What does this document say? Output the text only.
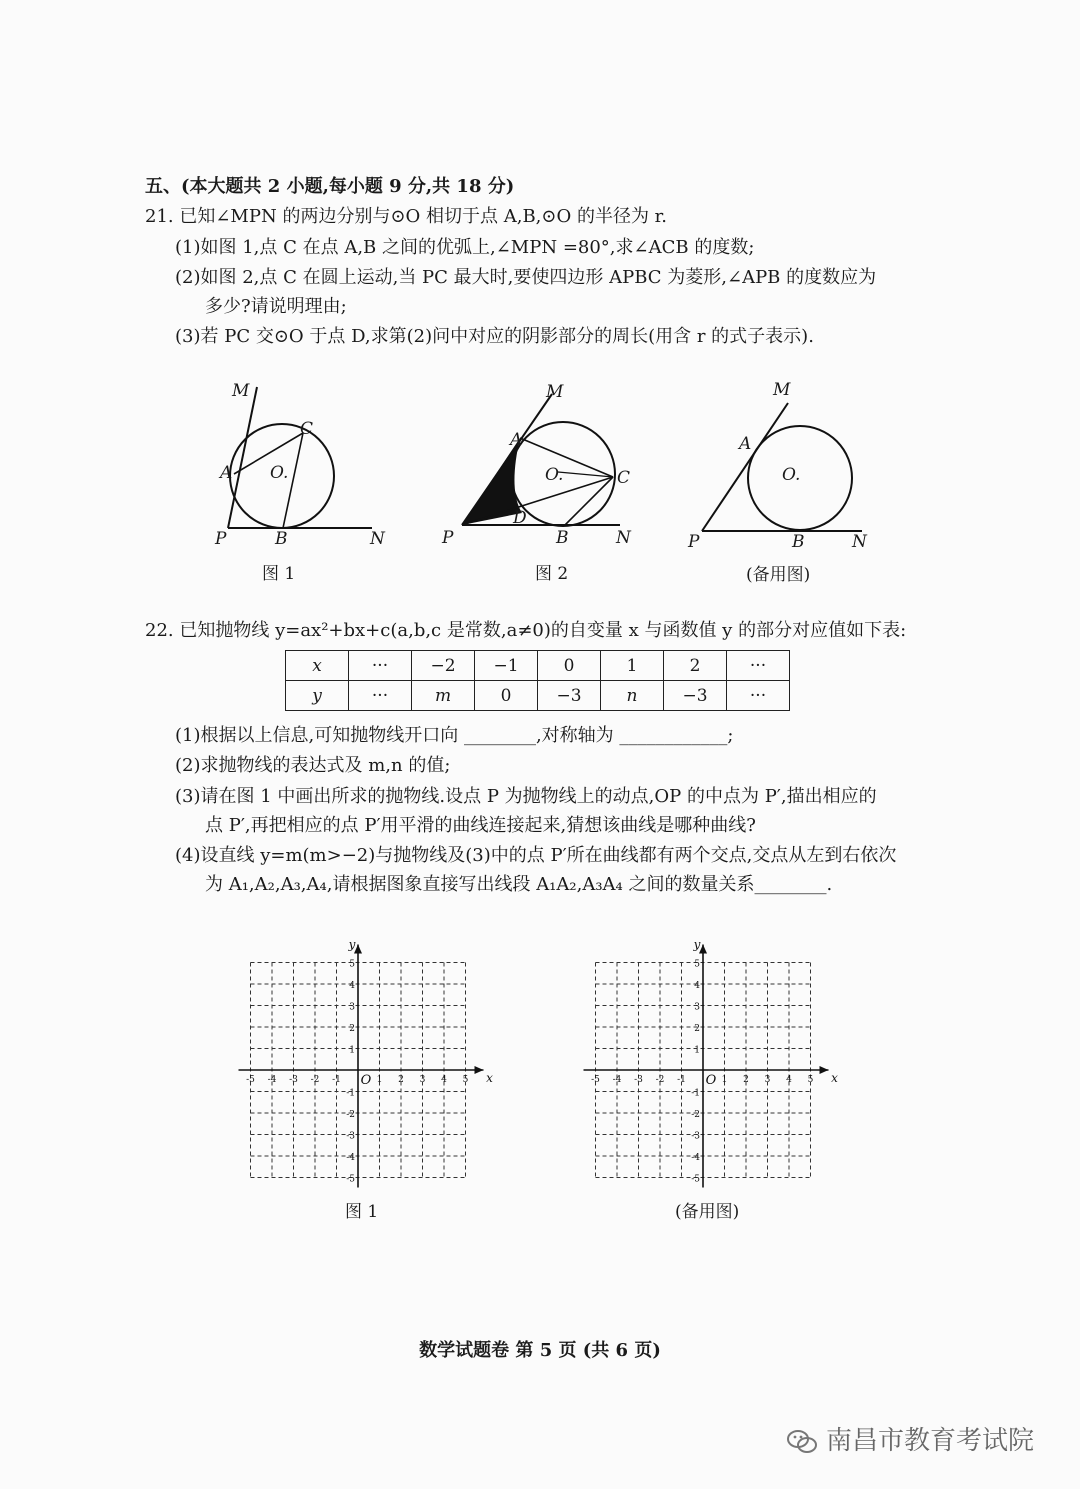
五、(本大题共 2 小题,每小题 9 分,共 18 分)
21. 已知∠MPN 的两边分别与⊙O 相切于点 A,B,⊙O 的半径为 r.
(1)如图 1,点 C 在点 A,B 之间的优弧上,∠MPN =80°,求∠ACB 的度数;
(2)如图 2,点 C 在圆上运动,当 PC 最大时,要使四边形 APBC 为菱形,∠APB 的度数应为
多少?请说明理由;
(3)若 PC 交⊙O 于点 D,求第(2)问中对应的阴影部分的周长(用含 r 的式子表示).
M
C
A O.
P	B	N
图 1
M
A
O.	C
D
P	B	N
图 2
M
A
O.
P	B	N
(备用图)
22. 已知抛物线 y=ax²+bx+c(a,b,c 是常数,a≠0)的自变量 x 与函数值 y 的部分对应值如下表:
x	···	−2	−1	0	1	2	···
y	···	m	0	−3	n	−3	···
(1)根据以上信息,可知抛物线开口向 ________,对称轴为 ____________;
(2)求抛物线的表达式及 m,n 的值;
(3)请在图 1 中画出所求的抛物线.设点 P 为抛物线上的动点,OP 的中点为 P′,描出相应的
点 P′,再把相应的点 P′用平滑的曲线连接起来,猜想该曲线是哪种曲线?
(4)设直线 y=m(m>−2)与抛物线及(3)中的点 P′所在曲线都有两个交点,交点从左到右依次
为 A₁,A₂,A₃,A₄,请根据图象直接写出线段 A₁A₂,A₃A₄ 之间的数量关系________.
-5 -4 -3 -2 -1	1 2 3 4 5
5
4
3
2
1
-1
-2
-3
-4
-5
x
y
O
图 1
-5 -4 -3 -2 -1	1 2 3 4 5
5
4
3
2
1
-1
-2
-3
-4
-5
x
y
O
(备用图)
数学试题卷 第 5 页 (共 6 页)
南昌市教育考试院
